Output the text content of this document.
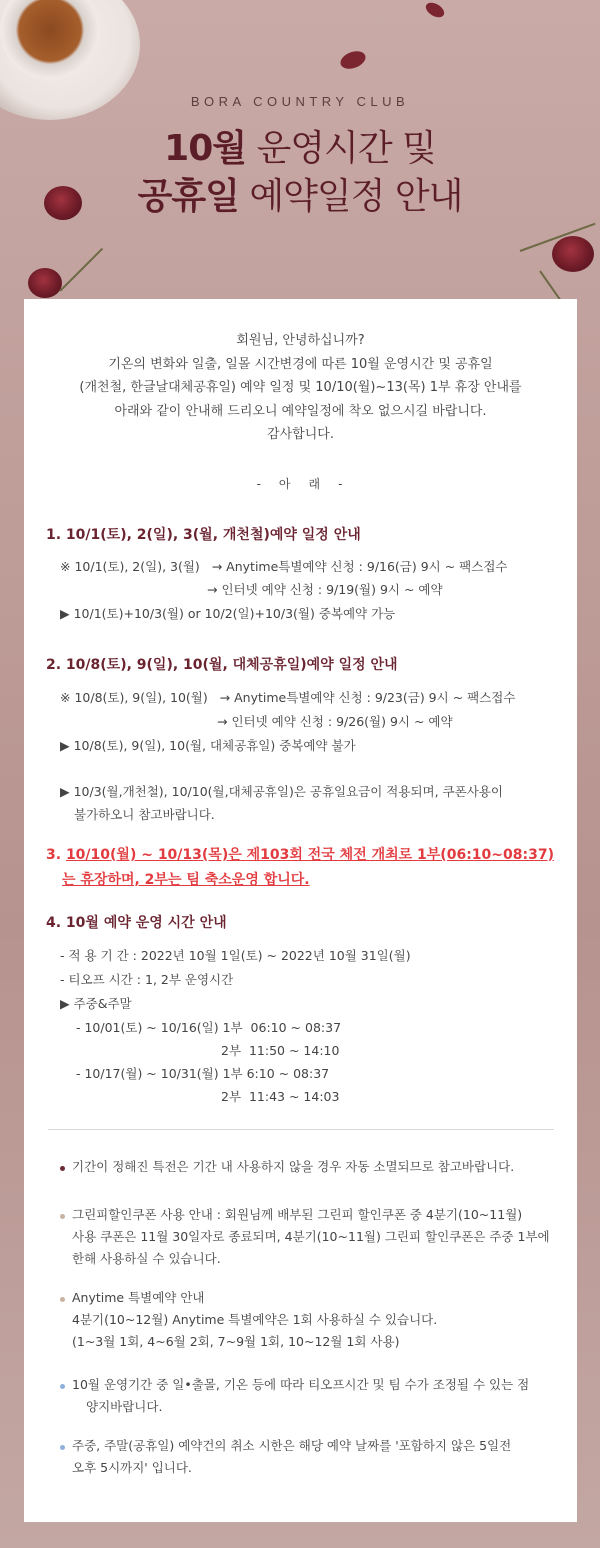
BORA COUNTRY CLUB
10월 운영시간 및
공휴일 예약일정 안내
회원님, 안녕하십니까?
기온의 변화와 일출, 일몰 시간변경에 따른 10월 운영시간 및 공휴일
(개천철, 한글날대체공휴일) 예약 일정 및 10/10(월)~13(목) 1부 휴장 안내를
아래와 같이 안내해 드리오니 예약일정에 착오 없으시길 바랍니다.
감사합니다.
- 아 래 -
1. 10/1(토), 2(일), 3(월, 개천철)예약 일정 안내
※ 10/1(토), 2(일), 3(월)   → Anytime특별예약 신청 : 9/16(금) 9시 ~ 팩스접수
→ 인터넷 예약 신청 : 9/19(월) 9시 ~ 예약
▶ 10/1(토)+10/3(월) or 10/2(일)+10/3(월) 중복예약 가능
2. 10/8(토), 9(일), 10(월, 대체공휴일)예약 일정 안내
※ 10/8(토), 9(일), 10(월)   → Anytime특별예약 신청 : 9/23(금) 9시 ~ 팩스접수
→ 인터넷 예약 신청 : 9/26(월) 9시 ~ 예약
▶ 10/8(토), 9(일), 10(월, 대체공휴일) 중복예약 불가
▶ 10/3(월,개천철), 10/10(월,대체공휴일)은 공휴일요금이 적용되며, 쿠폰사용이
불가하오니 참고바랍니다.
3. 10/10(월) ~ 10/13(목)은 제103회 전국 체전 개최로 1부(06:10~08:37)
는 휴장하며, 2부는 팀 축소운영 합니다.
4. 10월 예약 운영 시간 안내
- 적 용 기 간 : 2022년 10월 1일(토) ~ 2022년 10월 31일(월)
- 티오프 시간 : 1, 2부 운영시간
▶ 주중&주말
- 10/01(토) ~ 10/16(일) 1부  06:10 ~ 08:37
2부  11:50 ~ 14:10
- 10/17(월) ~ 10/31(월) 1부 6:10 ~ 08:37
2부  11:43 ~ 14:03
기간이 정해진 특전은 기간 내 사용하지 않을 경우 자동 소멸되므로 참고바랍니다.
그린피할인쿠폰 사용 안내 : 회원님께 배부된 그린피 할인쿠폰 중 4분기(10~11월)
사용 쿠폰은 11월 30일자로 종료되며, 4분기(10~11월) 그린피 할인쿠폰은 주중 1부에
한해 사용하실 수 있습니다.
Anytime 특별예약 안내
4분기(10~12월) Anytime 특별예약은 1회 사용하실 수 있습니다.
(1~3월 1회, 4~6월 2회, 7~9월 1회, 10~12월 1회 사용)
10월 운영기간 중 일•출몰, 기온 등에 따라 티오프시간 및 팀 수가 조정될 수 있는 점
양지바랍니다.
주중, 주말(공휴일) 예약건의 취소 시한은 해당 예약 날짜를 '포함하지 않은 5일전
오후 5시까지' 입니다.
